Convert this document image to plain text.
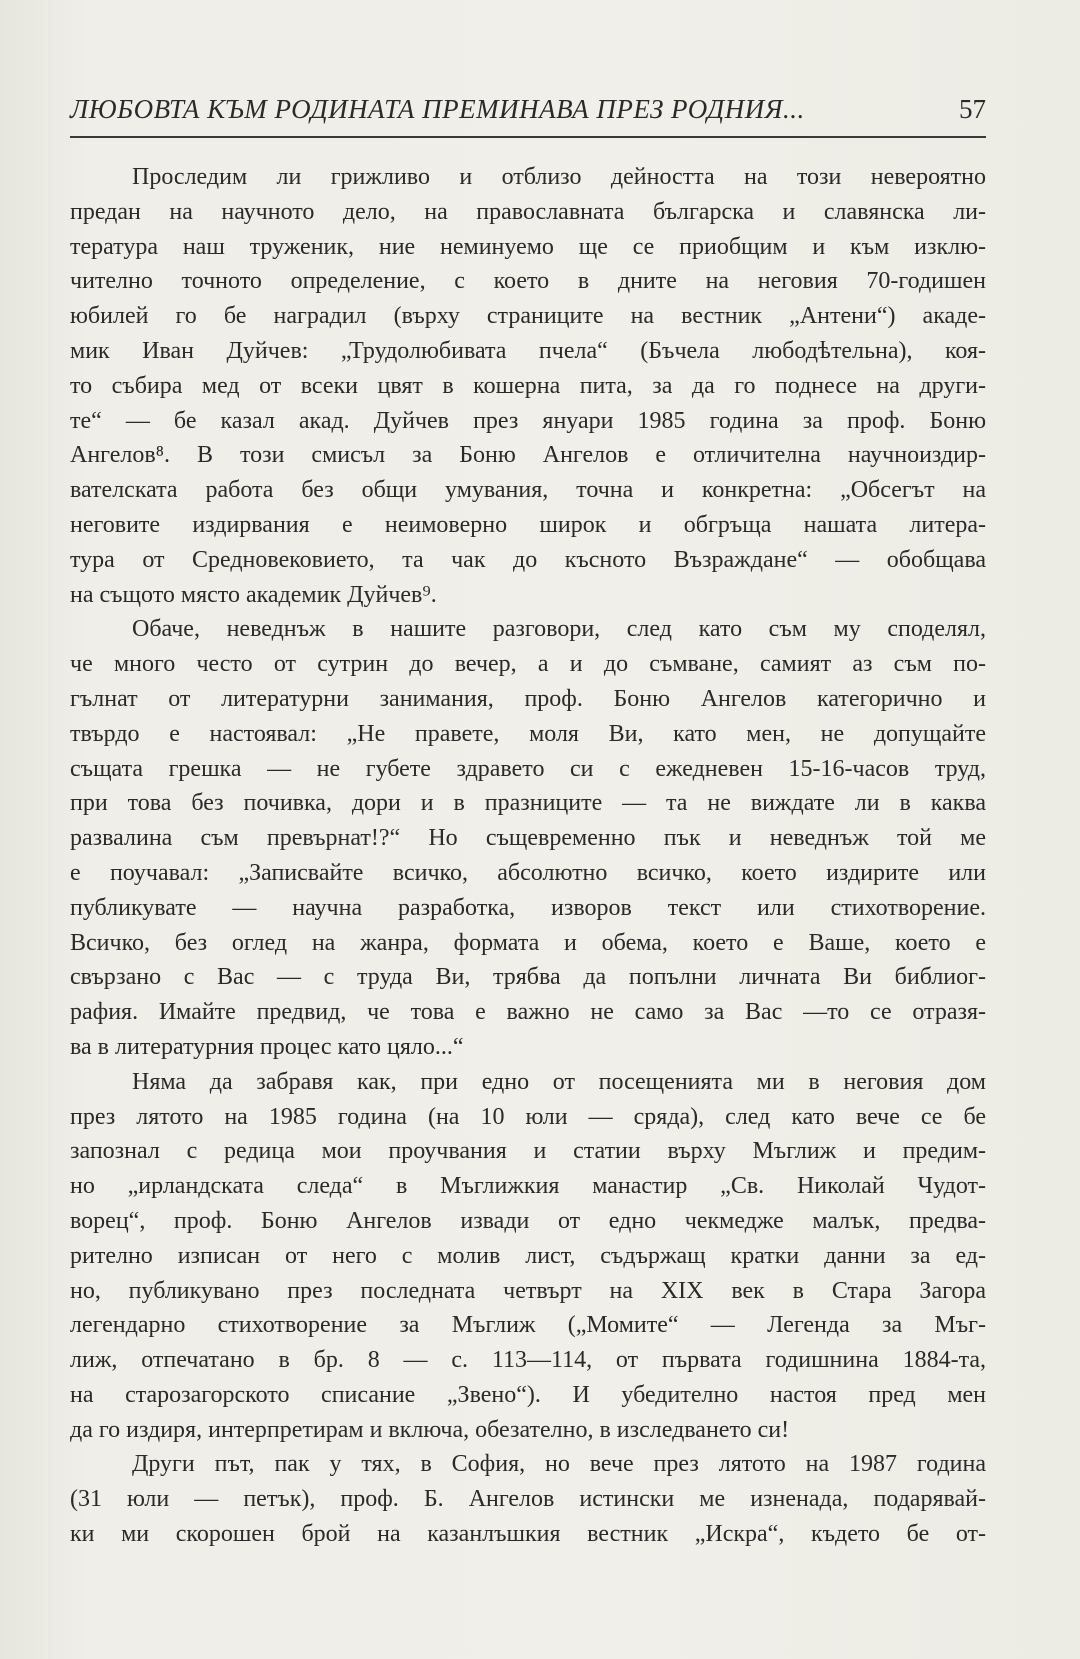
ЛЮБОВТА КЪМ РОДИНАТА ПРЕМИНАВА ПРЕЗ РОДНИЯ...	57
Проследим ли грижливо и отблизо дейността на този невероятно
предан на научното дело, на православната българска и славянска ли-
тература наш труженик, ние неминуемо ще се приобщим и към изклю-
чително точното определение, с което в дните на неговия 70-годишен
юбилей го бе наградил (върху страниците на вестник „Антени“) акаде-
мик Иван Дуйчев: „Трудолюбивата пчела“ (Бъчела любодѣтельна), коя-
то събира мед от всеки цвят в кошерна пита, за да го поднесе на други-
те“ — бе казал акад. Дуйчев през януари 1985 година за проф. Боню
Ангелов⁸. В този смисъл за Боню Ангелов е отличителна научноиздир-
вателската работа без общи умувания, точна и конкретна: „Обсегът на
неговите издирвания е неимоверно широк и обгръща нашата литера-
тура от Средновековието, та чак до късното Възраждане“ — обобщава
на същото място академик Дуйчев⁹.
Обаче, неведнъж в нашите разговори, след като съм му споделял,
че много често от сутрин до вечер, а и до съмване, самият аз съм по-
гълнат от литературни занимания, проф. Боню Ангелов категорично и
твърдо е настоявал: „Не правете, моля Ви, като мен, не допущайте
същата грешка — не губете здравето си с ежедневен 15-16-часов труд,
при това без почивка, дори и в празниците — та не виждате ли в каква
развалина съм превърнат!?“ Но същевременно пък и неведнъж той ме
е поучавал: „Записвайте всичко, абсолютно всичко, което издирите или
публикувате — научна разработка, изворов текст или стихотворение.
Всичко, без оглед на жанра, формата и обема, което е Ваше, което е
свързано с Вас — с труда Ви, трябва да попълни личната Ви библиог-
рафия. Имайте предвид, че това е важно не само за Вас —то се отразя-
ва в литературния процес като цяло...“
Няма да забравя как, при едно от посещенията ми в неговия дом
през лятото на 1985 година (на 10 юли — сряда), след като вече се бе
запознал с редица мои проучвания и статии върху Мъглиж и предим-
но „ирландската следа“ в Мъглижкия манастир „Св. Николай Чудот-
ворец“, проф. Боню Ангелов извади от едно чекмедже малък, предва-
рително изписан от него с молив лист, съдържащ кратки данни за ед-
но, публикувано през последната четвърт на XIX век в Стара Загора
легендарно стихотворение за Мъглиж („Момите“ — Легенда за Мъг-
лиж, отпечатано в бр. 8 — с. 113—114, от първата годишнина 1884-та,
на старозагорското списание „Звено“). И убедително настоя пред мен
да го издиря, интерпретирам и включа, обезателно, в изследването си!
Други път, пак у тях, в София, но вече през лятото на 1987 година
(31 юли — петък), проф. Б. Ангелов истински ме изненада, подарявай-
ки ми скорошен брой на казанлъшкия вестник „Искра“, където бе от-
